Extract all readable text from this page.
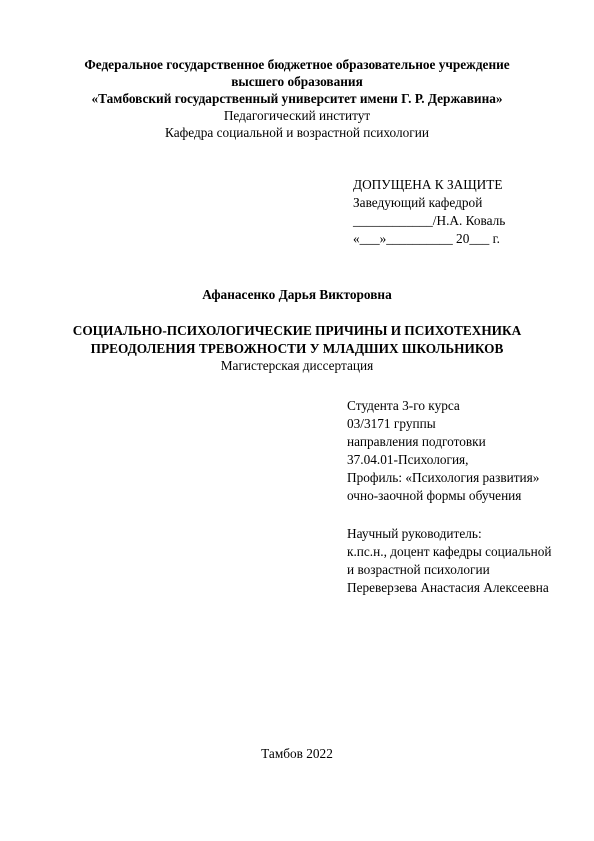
Федеральное государственное бюджетное образовательное учреждение
высшего образования
«Тамбовский государственный университет имени Г. Р. Державина»
Педагогический институт
Кафедра социальной и возрастной психологии
ДОПУЩЕНА К ЗАЩИТЕ
Заведующий кафедрой
____________/Н.А. Коваль
«___»__________ 20___ г.
Афанасенко Дарья Викторовна
СОЦИАЛЬНО-ПСИХОЛОГИЧЕСКИЕ ПРИЧИНЫ И ПСИХОТЕХНИКА
ПРЕОДОЛЕНИЯ ТРЕВОЖНОСТИ У МЛАДШИХ ШКОЛЬНИКОВ
Магистерская диссертация
Студента 3-го курса
03/3171 группы
направления подготовки
37.04.01-Психология,
Профиль: «Психология развития»
очно-заочной формы обучения
Научный руководитель:
к.пс.н., доцент кафедры социальной
и возрастной психологии
Переверзева Анастасия Алексеевна
Тамбов 2022
